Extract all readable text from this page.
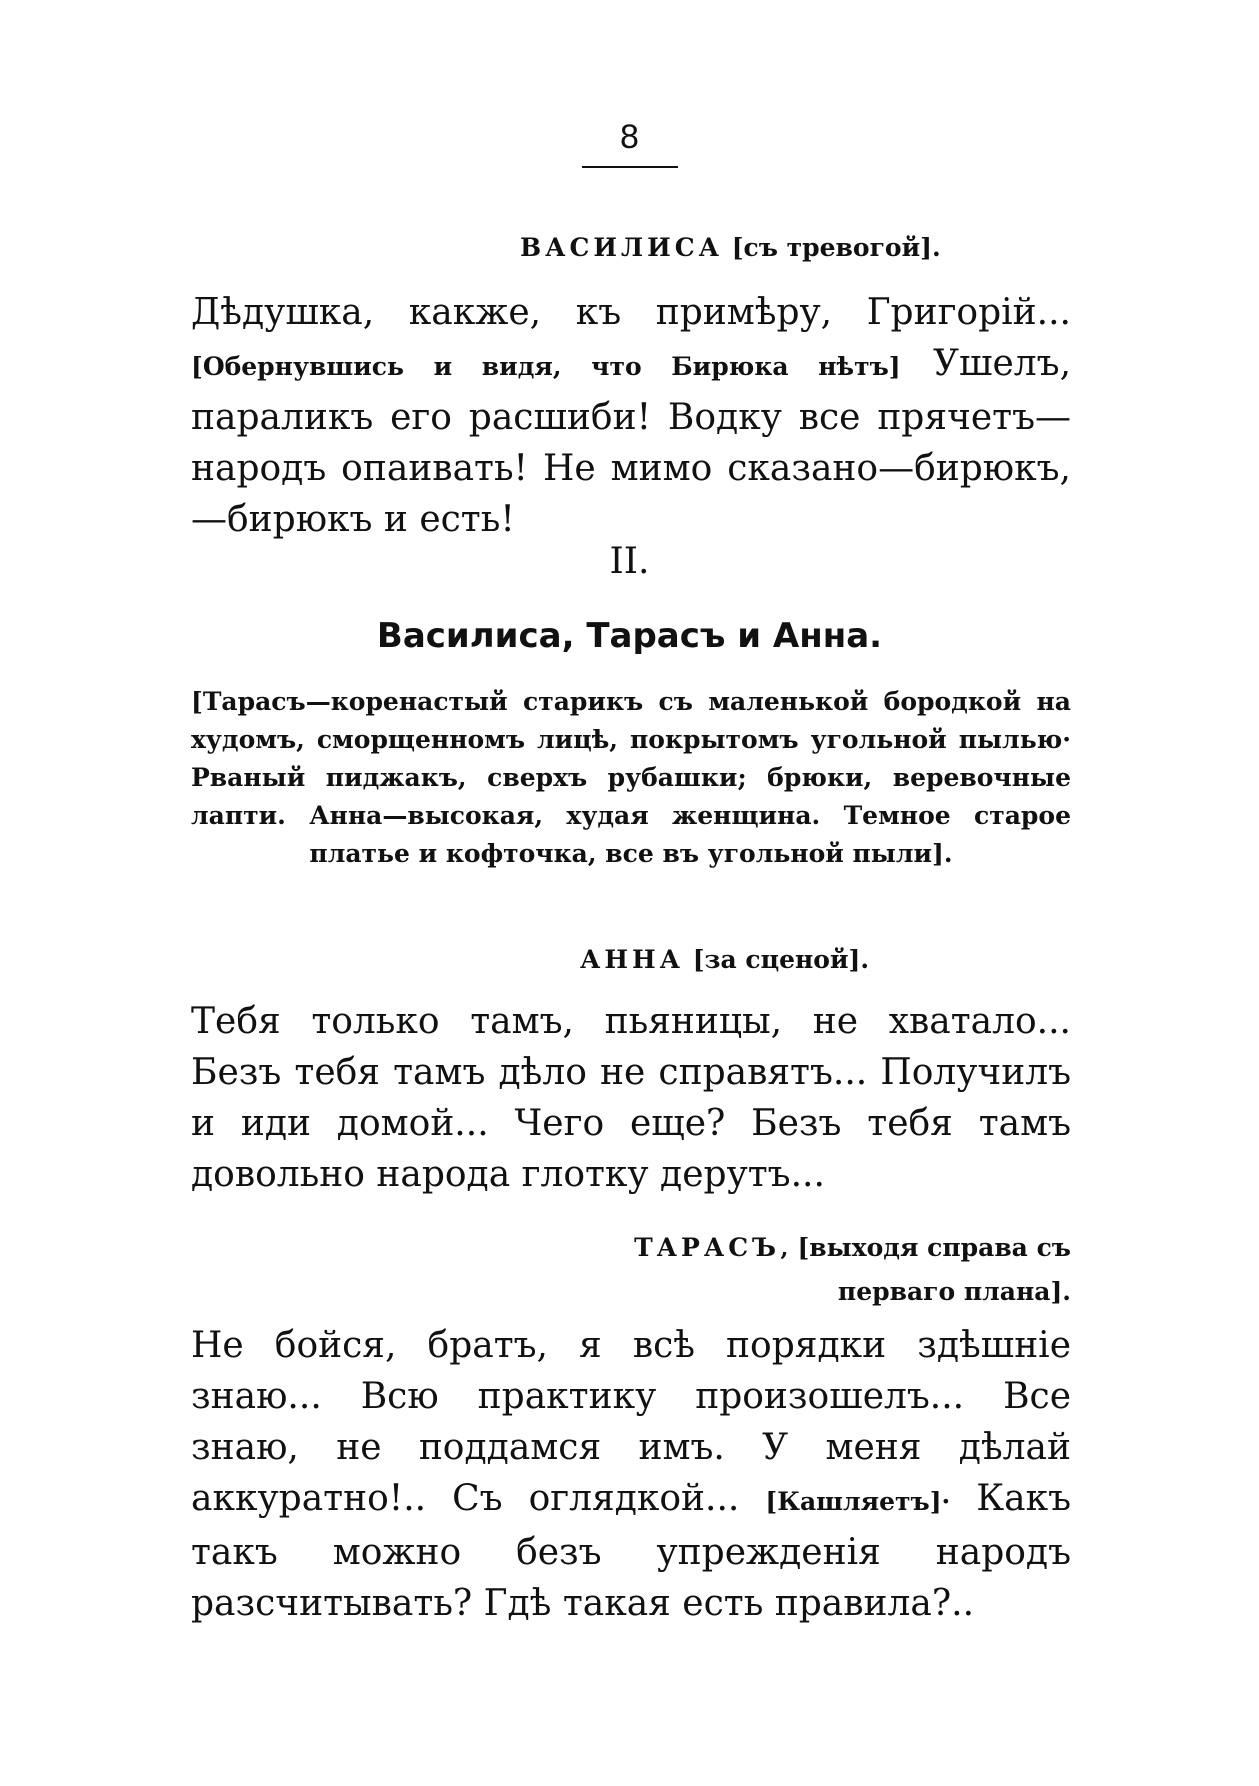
8
ВАСИЛИСА [съ тревогой].
Дѣдушка, какже, къ примѣру, Григорій... [Обернувшись и видя, что Бирюка нѣтъ] Ушелъ, параликъ его расшиби! Водку все прячетъ—народъ опаивать! Не мимо сказано—бирюкъ,—бирюкъ и есть!
II.
Василиса, Тарасъ и Анна.
[Тарасъ—коренастый старикъ съ маленькой бородкой на худомъ, сморщенномъ лицѣ, покрытомъ угольной пылью· Рваный пиджакъ, сверхъ рубашки; брюки, веревочные лапти. Анна—высокая, худая женщина. Темное старое платье и кофточка, все въ угольной пыли].
АННА [за сценой].
Тебя только тамъ, пьяницы, не хватало... Безъ тебя тамъ дѣло не справятъ... Получилъ и иди домой... Чего еще? Безъ тебя тамъ довольно народа глотку дерутъ...
ТАРАСЪ‚ [выходя справа съ перваго плана].
Не бойся, братъ, я всѣ порядки здѣшніе знаю... Всю практику произошелъ... Все знаю, не поддамся имъ. У меня дѣлай аккуратно!.. Съ оглядкой... [Кашляетъ]· Какъ такъ можно безъ упрежденія народъ разсчитывать? Гдѣ такая есть правила?..
